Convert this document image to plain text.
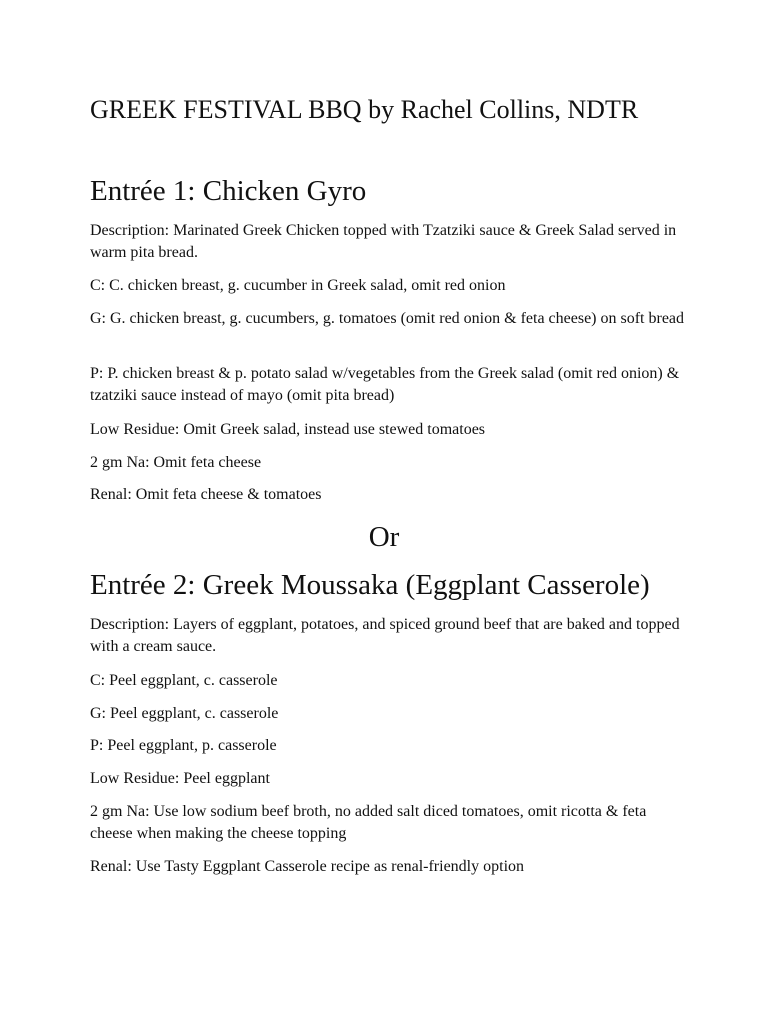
GREEK FESTIVAL BBQ by Rachel Collins, NDTR
Entrée 1: Chicken Gyro

Description: Marinated Greek Chicken topped with Tzatziki sauce & Greek Salad served in warm pita bread.

C: C. chicken breast, g. cucumber in Greek salad, omit red onion

G: G. chicken breast, g. cucumbers, g. tomatoes (omit red onion & feta cheese) on soft bread

P: P. chicken breast & p. potato salad w/vegetables from the Greek salad (omit red onion) & tzatziki sauce instead of mayo (omit pita bread)

Low Residue: Omit Greek salad, instead use stewed tomatoes

2 gm Na: Omit feta cheese

Renal: Omit feta cheese & tomatoes

Or

Entrée 2: Greek Moussaka (Eggplant Casserole)

Description: Layers of eggplant, potatoes, and spiced ground beef that are baked and topped with a cream sauce.

C: Peel eggplant, c. casserole

G: Peel eggplant, c. casserole

P: Peel eggplant, p. casserole

Low Residue: Peel eggplant

2 gm Na: Use low sodium beef broth, no added salt diced tomatoes, omit ricotta & feta cheese when making the cheese topping

Renal: Use Tasty Eggplant Casserole recipe as renal-friendly option
